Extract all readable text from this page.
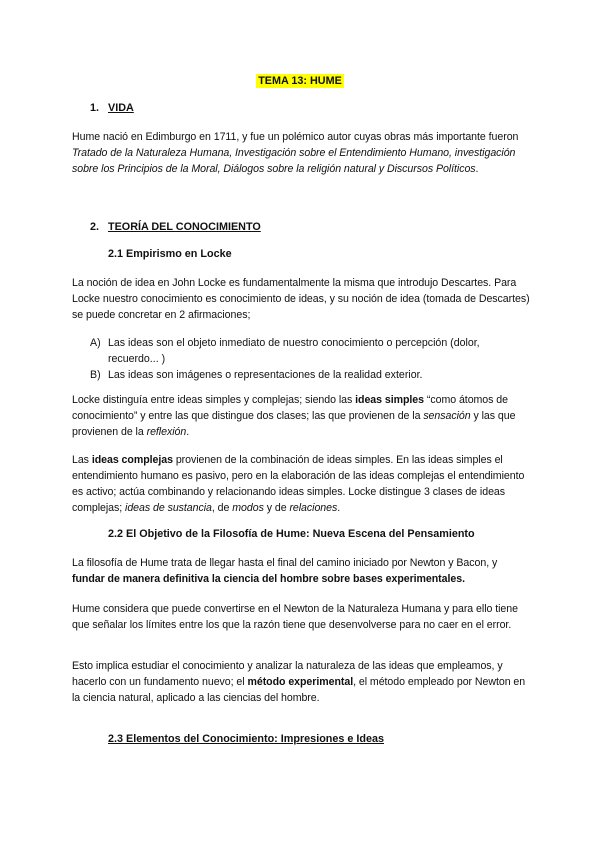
TEMA 13: HUME
1. VIDA
Hume nació en Edimburgo en 1711, y fue un polémico autor cuyas obras más importante fueron Tratado de la Naturaleza Humana, Investigación sobre el Entendimiento Humano, investigación sobre los Principios de la Moral, Diálogos sobre la religión natural y Discursos Políticos.
2. TEORÍA DEL CONOCIMIENTO
2.1 Empirismo en Locke
La noción de idea en John Locke es fundamentalmente la misma que introdujo Descartes. Para Locke nuestro conocimiento es conocimiento de ideas, y su noción de idea (tomada de Descartes) se puede concretar en 2 afirmaciones;
A) Las ideas son el objeto inmediato de nuestro conocimiento o percepción (dolor, recuerdo... )
B) Las ideas son imágenes o representaciones de la realidad exterior.
Locke distinguía entre ideas simples y complejas; siendo las ideas simples “como átomos de conocimiento” y entre las que distingue dos clases; las que provienen de la sensación y las que provienen de la reflexión.
Las ideas complejas provienen de la combinación de ideas simples. En las ideas simples el entendimiento humano es pasivo, pero en la elaboración de las ideas complejas el entendimiento es activo; actúa combinando y relacionando ideas simples. Locke distingue 3 clases de ideas complejas; ideas de sustancia, de modos y de relaciones.
2.2 El Objetivo de la Filosofía de Hume: Nueva Escena del Pensamiento
La filosofía de Hume trata de llegar hasta el final del camino iniciado por Newton y Bacon, y fundar de manera definitiva la ciencia del hombre sobre bases experimentales.
Hume considera que puede convertirse en el Newton de la Naturaleza Humana y para ello tiene que señalar los límites entre los que la razón tiene que desenvolverse para no caer en el error.
Esto implica estudiar el conocimiento y analizar la naturaleza de las ideas que empleamos, y hacerlo con un fundamento nuevo; el método experimental, el método empleado por Newton en la ciencia natural, aplicado a las ciencias del hombre.
2.3 Elementos del Conocimiento: Impresiones e Ideas
